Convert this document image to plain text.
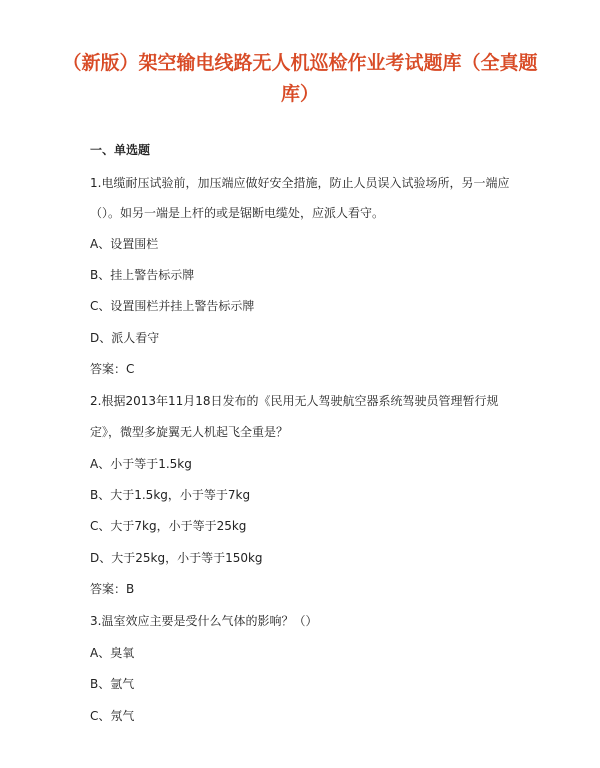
（新版）架空输电线路无人机巡检作业考试题库（全真题库）
一、单选题
1.电缆耐压试验前，加压端应做好安全措施，防止人员误入试验场所，另一端应
（）。如另一端是上杆的或是锯断电缆处，应派人看守。
A、设置围栏
B、挂上警告标示牌
C、设置围栏并挂上警告标示牌
D、派人看守
答案：C
2.根据2013年11月18日发布的《民用无人驾驶航空器系统驾驶员管理暂行规
定》，微型多旋翼无人机起飞全重是？
A、小于等于1.5kg
B、大于1.5kg，小于等于7kg
C、大于7kg，小于等于25kg
D、大于25kg，小于等于150kg
答案：B
3.温室效应主要是受什么气体的影响？（）
A、臭氧
B、氩气
C、氖气
